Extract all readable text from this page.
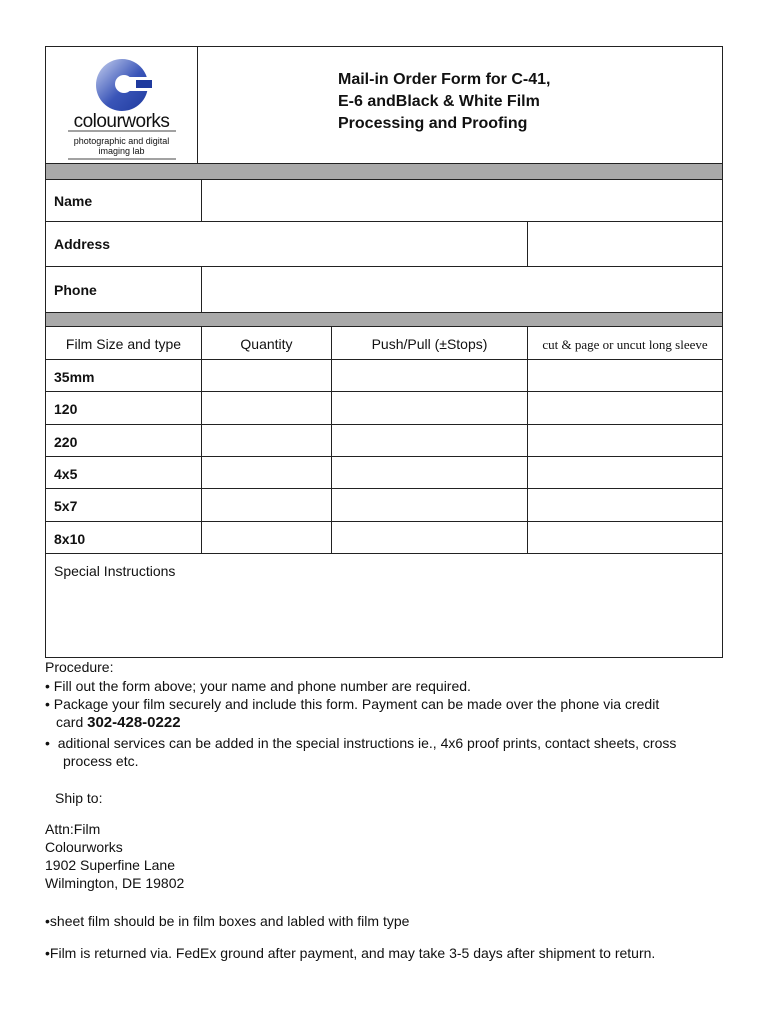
colourworks
photographic and digital
imaging lab
Mail-in Order Form for C-41,
E-6 andBlack & White Film
Processing and Proofing
Name
Address
Phone
Film Size and type	Quantity	Push/Pull (±Stops)	cut & page or uncut long sleeve
35mm
120
220
4x5
5x7
8x10
Special Instructions
Procedure:
• Fill out the form above; your name and phone number are required.
• Package your film securely and include this form. Payment can be made over the phone via credit
card 302-428-0222
•  aditional services can be added in the special instructions ie., 4x6 proof prints, contact sheets, cross
process etc.
Ship to:
Attn:Film
Colourworks
1902 Superfine Lane
Wilmington, DE 19802
•sheet film should be in film boxes and labled with film type
•Film is returned via. FedEx ground after payment, and may take 3-5 days after shipment to return.
